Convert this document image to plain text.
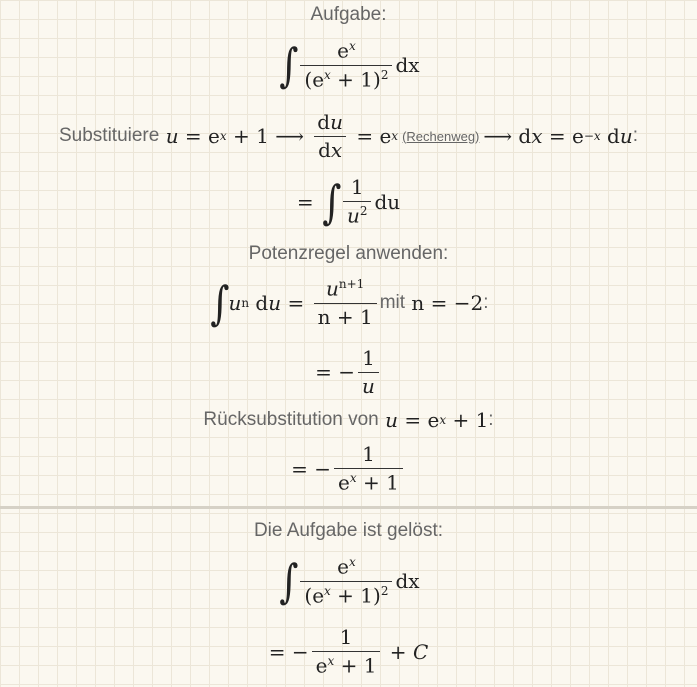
Aufgabe:
∫ $\frac{e^x}{(e^x + 1)^2}$ dx
Substituiere
u = e x + 1 ⟶ $\frac{du}{dx} = e$ x (Rechenweg) ⟶ d x = e −x d u :
= ∫ $\frac{1}{u^2}$ du
Potenzregel anwenden:
∫
u n d $u = \frac{u^{n+1}}{n + 1}$ mit n = −2 :
= − $\frac{1}{u}$
Rücksubstitution von
u = e x + 1 :
= − $\frac{1}{e^x + 1}$
Die Aufgabe ist gelöst:
∫ $\frac{e^x}{(e^x + 1)^2}$ dx
= − $\frac{1}{e^x + 1} + C$
